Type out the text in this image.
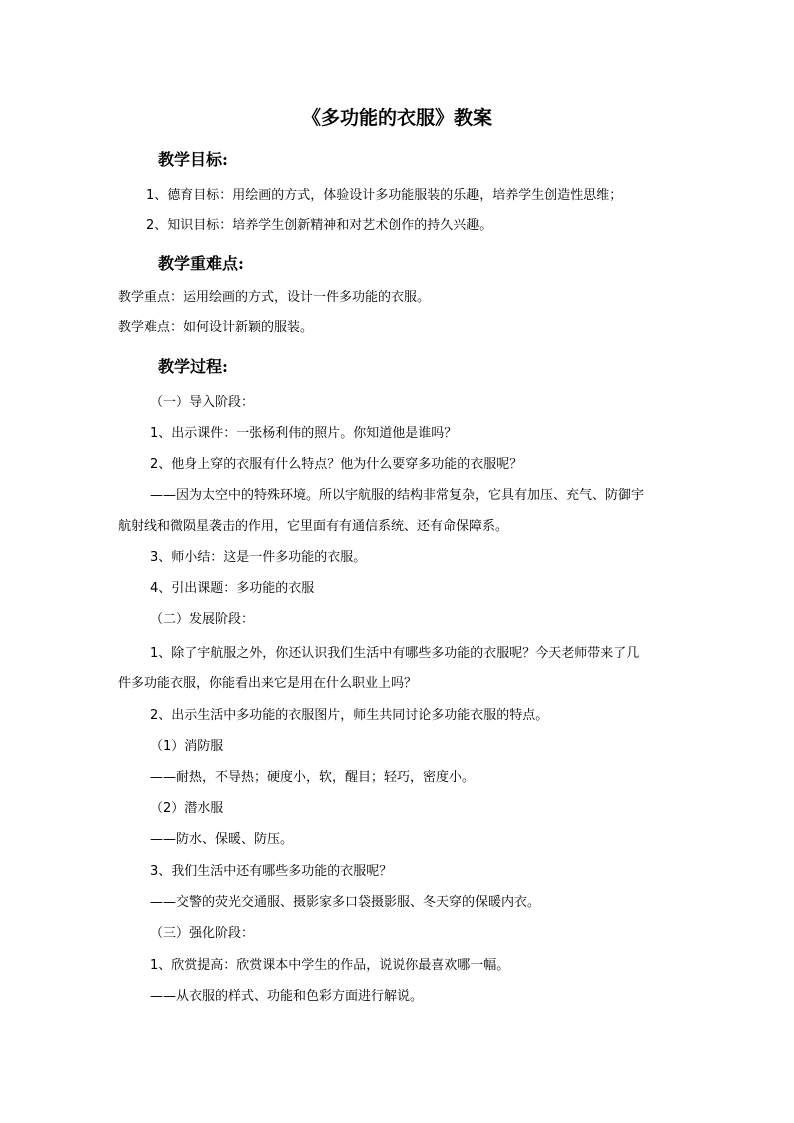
《多功能的衣服》教案
教学目标:
1、德育目标：用绘画的方式，体验设计多功能服装的乐趣，培养学生创造性思维；
2、知识目标：培养学生创新精神和对艺术创作的持久兴趣。
教学重难点:
教学重点：运用绘画的方式，设计一件多功能的衣服。
教学难点：如何设计新颖的服装。
教学过程:
（一）导入阶段：
1、出示课件：一张杨利伟的照片。你知道他是谁吗？
2、他身上穿的衣服有什么特点？他为什么要穿多功能的衣服呢？
——因为太空中的特殊环境。所以宇航服的结构非常复杂，它具有加压、充气、防御宇
航射线和微陨星袭击的作用，它里面有有通信系统、还有命保障系。
3、师小结：这是一件多功能的衣服。
4、引出课题：多功能的衣服
（二）发展阶段：
1、除了宇航服之外，你还认识我们生活中有哪些多功能的衣服呢？今天老师带来了几
件多功能衣服，你能看出来它是用在什么职业上吗？
2、出示生活中多功能的衣服图片，师生共同讨论多功能衣服的特点。
（1）消防服
——耐热，不导热；硬度小，软，醒目；轻巧，密度小。
（2）潜水服
——防水、保暖、防压。
3、我们生活中还有哪些多功能的衣服呢？
——交警的荧光交通服、摄影家多口袋摄影服、冬天穿的保暖内衣。
（三）强化阶段：
1、欣赏提高：欣赏课本中学生的作品，说说你最喜欢哪一幅。
——从衣服的样式、功能和色彩方面进行解说。
